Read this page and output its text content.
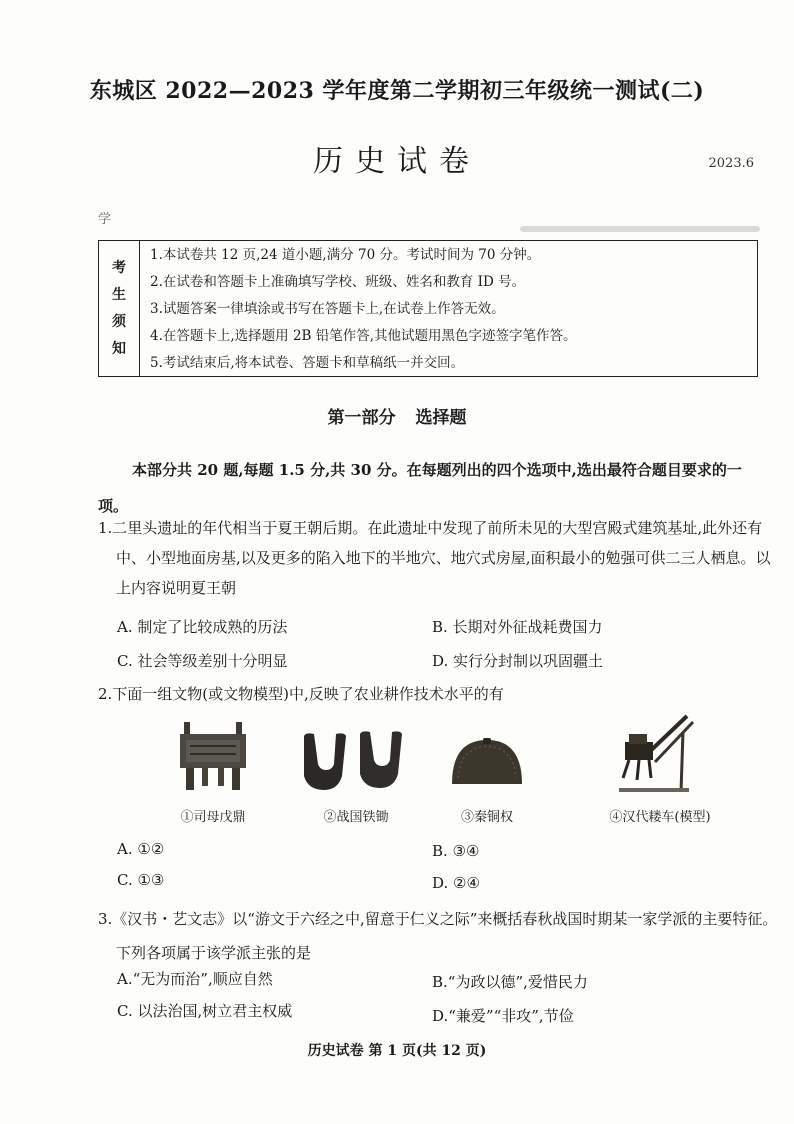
东城区 2022—2023 学年度第二学期初三年级统一测试(二)
历史试卷	2023.6
学
考
生
须
知
1.本试卷共 12 页,24 道小题,满分 70 分。考试时间为 70 分钟。
2.在试卷和答题卡上准确填写学校、班级、姓名和教育 ID 号。
3.试题答案一律填涂或书写在答题卡上,在试卷上作答无效。
4.在答题卡上,选择题用 2B 铅笔作答,其他试题用黑色字迹签字笔作答。
5.考试结束后,将本试卷、答题卡和草稿纸一并交回。
第一部分 选择题
本部分共 20 题,每题 1.5 分,共 30 分。在每题列出的四个选项中,选出最符合题目要求的一项。
1.二里头遗址的年代相当于夏王朝后期。在此遗址中发现了前所未见的大型宫殿式建筑基址,此外还有中、小型地面房基,以及更多的陷入地下的半地穴、地穴式房屋,面积最小的勉强可供二三人栖息。以上内容说明夏王朝
A. 制定了比较成熟的历法	B. 长期对外征战耗费国力
C. 社会等级差别十分明显	D. 实行分封制以巩固疆土
2.下面一组文物(或文物模型)中,反映了农业耕作技术水平的有
①司母戊鼎	②战国铁锄	③秦铜权	④汉代耧车(模型)
A. ①②	B. ③④
C. ①③	D. ②④
3.《汉书・艺文志》以“游文于六经之中,留意于仁义之际”来概括春秋战国时期某一家学派的主要特征。下列各项属于该学派主张的是
A.“无为而治”,顺应自然	B.“为政以德”,爱惜民力
C. 以法治国,树立君主权威	D.“兼爱”“非攻”,节俭
历史试卷 第 1 页(共 12 页)
